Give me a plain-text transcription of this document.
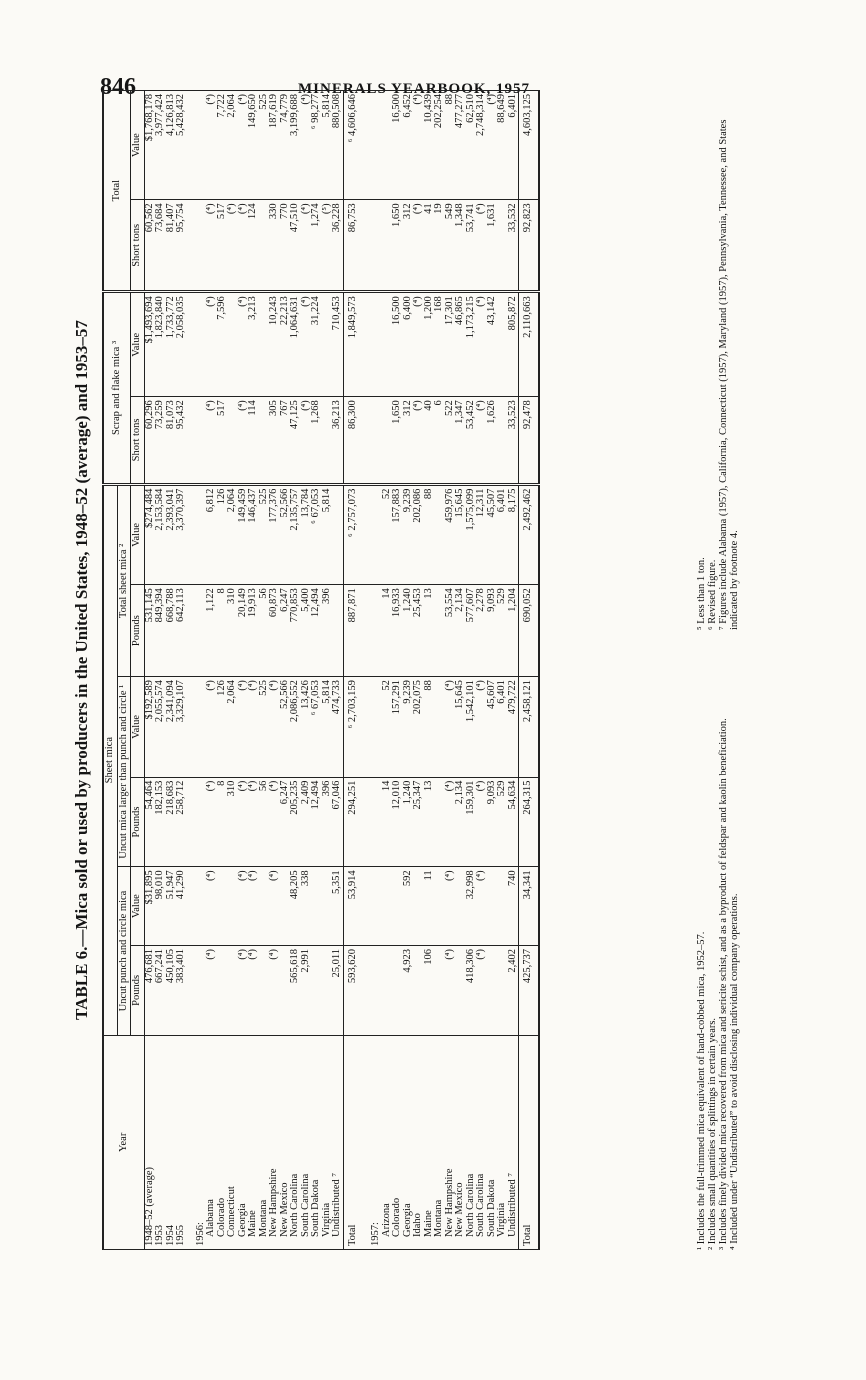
846	MINERALS YEARBOOK, 1957
TABLE 6.—Mica sold or used by producers in the United States, 1948–52 (average) and 1953–57
Year	Sheet mica						Scrap and flake mica ³		Total	
	Uncut punch and circle mica		Uncut mica larger than punch and circle ¹		Total sheet mica ²					
	Pounds	Value	Pounds	Value	Pounds	Value	Short tons	Value	Short tons	Value
1948–52 (average)	476,681	$31,895	54,464	$192,589	531,145	$274,484	60,296	$1,493,694	60,562	$1,768,178
1953	667,241	98,010	182,153	2,055,574	849,394	2,153,584	73,259	1,823,840	73,684	3,977,424
1954	450,105	51,947	218,683	2,341,094	668,788	2,393,041	81,073	1,733,772	81,407	4,126,813
1955	383,401	41,290	258,712	3,329,107	642,113	3,370,397	95,432	2,058,035	95,754	5,428,432

1956:										
Alabama	(⁴)	(⁴)	(⁴)	(⁴)	1,122	6,812	(⁴)	(⁴)	(⁴)	(⁴)
Colorado			8	126	8	126	517	7,596	517	7,722
Connecticut			310	2,064	310	2,064			(⁴)	2,064
Georgia	(⁴)	(⁴)	(⁴)	(⁴)	20,149	149,459	(⁴)	(⁴)	(⁴)	(⁴)
Maine	(⁴)	(⁴)	(⁴)	(⁴)	19,913	146,437	114	3,213	124	149,650
Montana			56	525	56	525				525
New Hampshire	(⁴)	(⁴)	(⁴)	(⁴)	60,873	177,376	305	10,243	330	187,619
New Mexico			6,247	52,566	6,247	52,566	767	22,213	770	74,779
North Carolina	565,618	48,205	205,235	2,086,552	770,853	2,135,757	47,125	1,064,631	47,510	3,199,688
South Carolina	2,991	338	2,409	13,426	5,400	13,784	(⁴)	(⁴)	(⁴)	(⁴)
South Dakota			12,494	⁶ 67,053	12,494	⁶ 67,053	1,268	31,224	1,274	⁶ 98,277
Virginia			396	5,814	396	5,814			(⁵)	5,814
Undistributed ⁷	25,011	5,351	67,046	474,733			36,213	710,453	36,228	880,508
Total	593,620	53,914	294,251	⁶ 2,703,159	887,871	⁶ 2,757,073	86,300	1,849,573	86,753	⁶ 4,606,646

1957:										
Arizona			14	52	14	52				
Colorado			12,010	157,291	16,933	157,883	1,650	16,500	1,650	16,500
Georgia	4,923	592	1,240	9,239	1,240	9,239	312	6,400	312	6,452
Idaho			25,347	202,075	25,453	202,086	(⁴)	(⁴)	(⁴)	(⁴)
Maine	106	11	13	88	13	88	40	1,200	41	10,439
Montana							6	168	19	202,254
New Hampshire	(⁴)	(⁴)	(⁴)	(⁴)	53,554	459,976	522	17,301	549	88
New Mexico			2,134	15,645	2,134	15,645	1,347	46,865	1,348	477,277
North Carolina	418,306	32,998	159,301	1,542,101	577,607	1,575,099	53,452	1,173,215	53,741	62,510
South Carolina	(⁴)	(⁴)	(⁴)	(⁴)	2,278	12,311	(⁴)	(⁴)	(⁴)	2,748,314
South Dakota			9,093	45,607	9,093	45,507	1,626	43,142	1,631	(⁴)
Virginia			529	6,401	529	6,401				88,649
Undistributed ⁷	2,402	740	54,634	479,722	1,204	8,175	33,523	805,872	33,532	6,401
Total	425,737	34,341	264,315	2,458,121	690,052	2,492,462	92,478	2,110,663	92,823	4,603,125

¹ Includes the full-trimmed mica equivalent of hand-cobbed mica, 1952–57. ² Includes small quantities of splittings in certain years. ³ Includes finely divided mica recovered from mica and sericite schist, and as a byproduct of feldspar and kaolin beneficiation. ⁴ Included under “Undistributed” to avoid disclosing individual company operations.

⁵ Less than 1 ton. ⁶ Revised figure. ⁷ Figures include Alabama (1957), California, Connecticut (1957), Maryland (1957), Pennsylvania, Tennessee, and States indicated by footnote 4.
